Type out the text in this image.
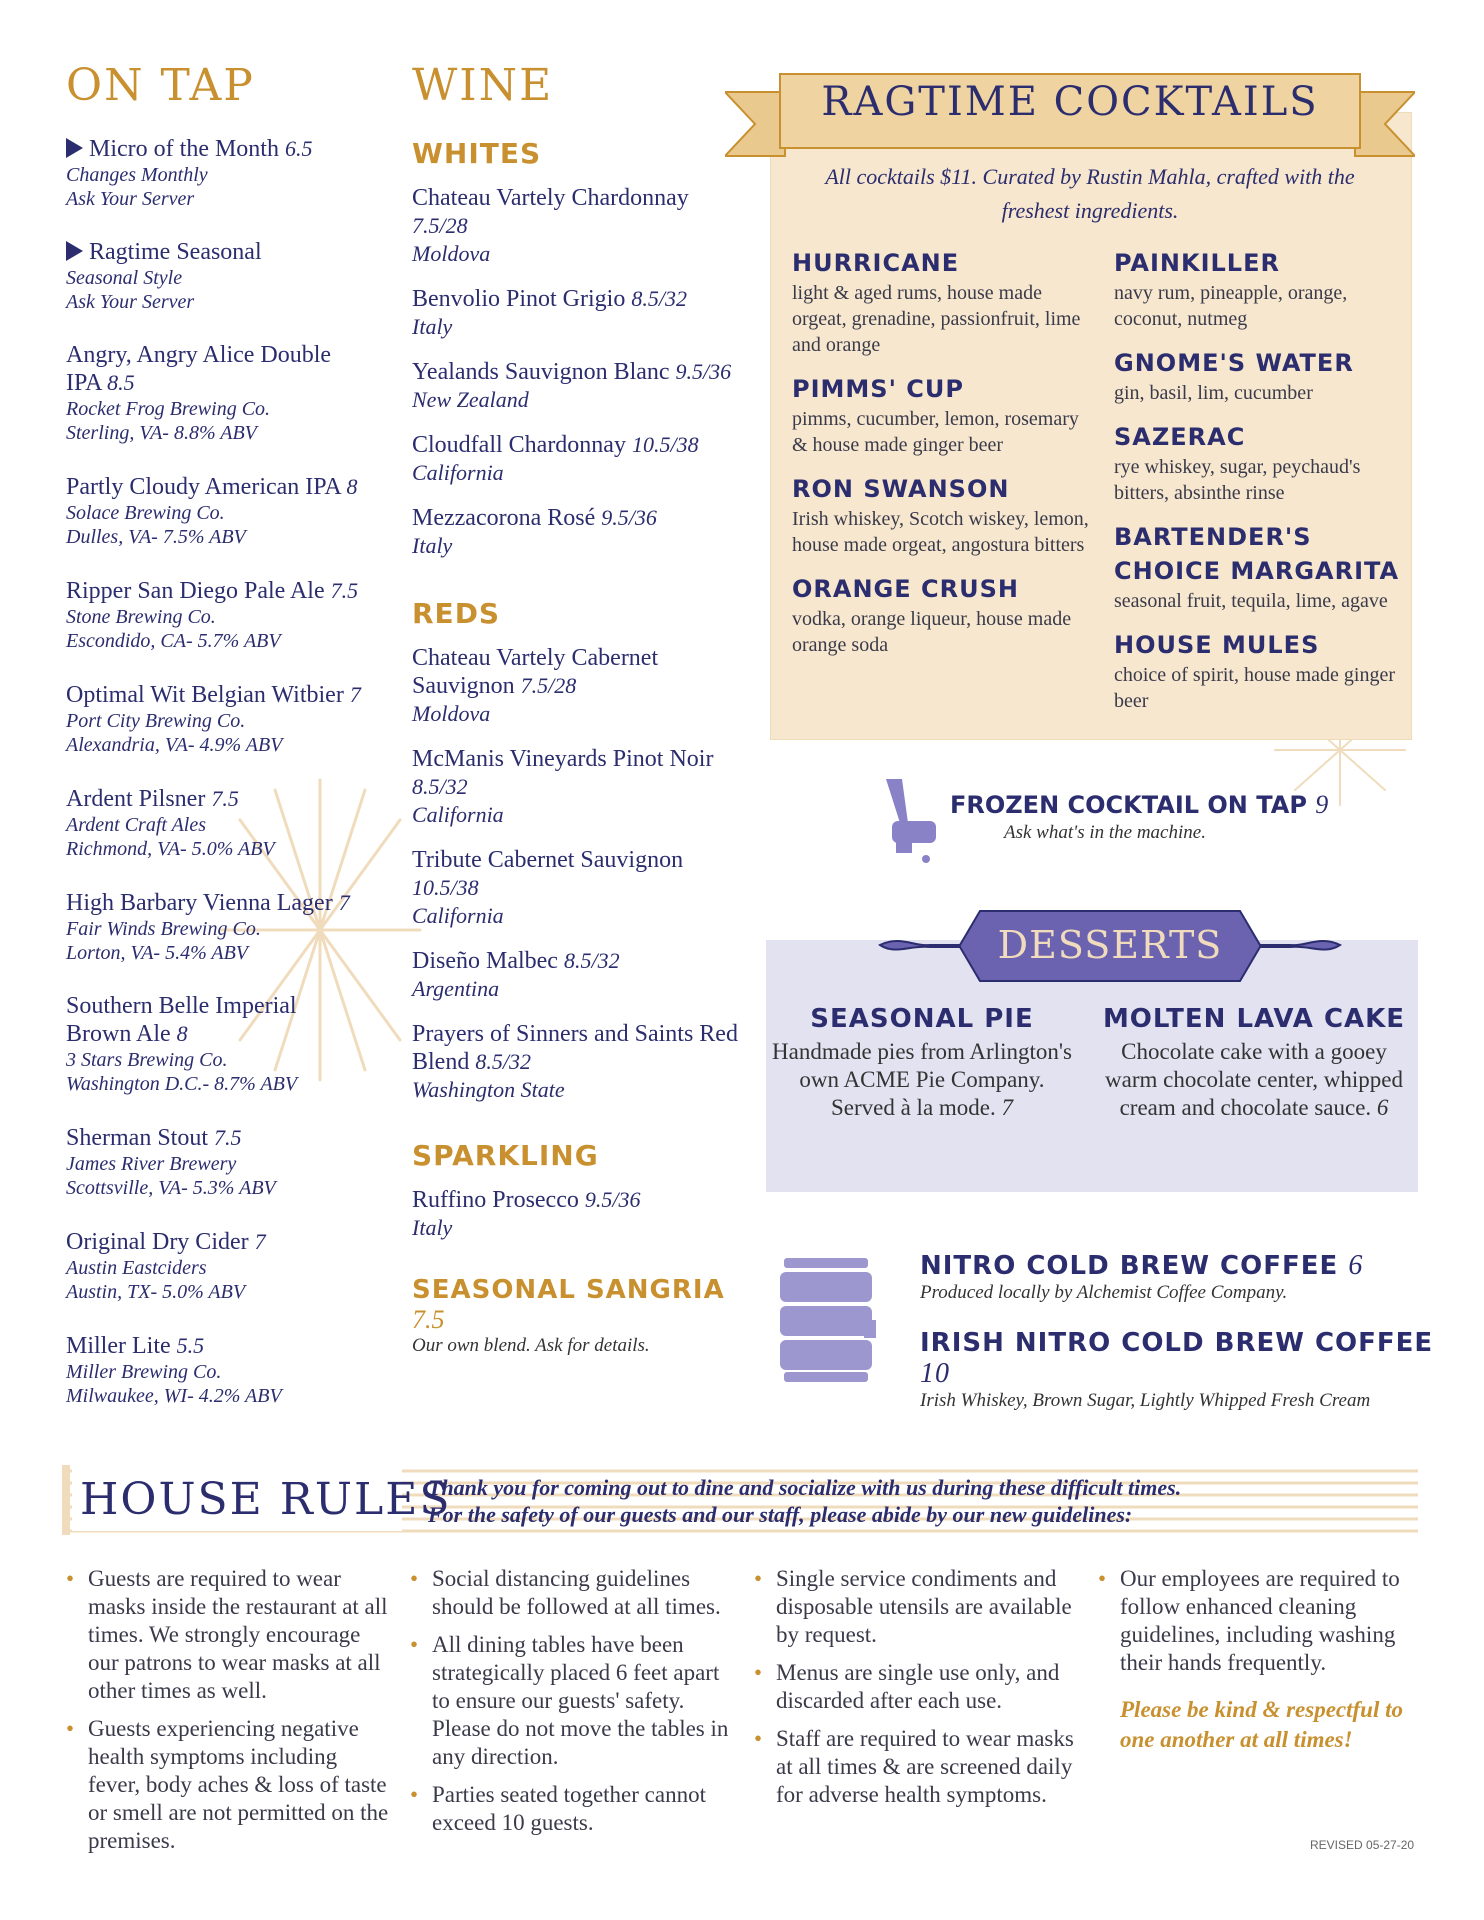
ON TAP
Micro of the Month 6.5
Changes Monthly
Ask Your Server
Ragtime Seasonal
Seasonal Style
Ask Your Server
Angry, Angry Alice Double IPA 8.5
Rocket Frog Brewing Co.
Sterling, VA- 8.8% ABV
Partly Cloudy American IPA 8
Solace Brewing Co.
Dulles, VA- 7.5% ABV
Ripper San Diego Pale Ale 7.5
Stone Brewing Co.
Escondido, CA- 5.7% ABV
Optimal Wit Belgian Witbier 7
Port City Brewing Co.
Alexandria, VA- 4.9% ABV
Ardent Pilsner 7.5
Ardent Craft Ales
Richmond, VA- 5.0% ABV
High Barbary Vienna Lager 7
Fair Winds Brewing Co.
Lorton, VA- 5.4% ABV
Southern Belle Imperial Brown Ale 8
3 Stars Brewing Co.
Washington D.C.- 8.7% ABV
Sherman Stout 7.5
James River Brewery
Scottsville, VA- 5.3% ABV
Original Dry Cider 7
Austin Eastciders
Austin, TX- 5.0% ABV
Miller Lite 5.5
Miller Brewing Co.
Milwaukee, WI- 4.2% ABV
WINE
WHITES
Chateau Vartely Chardonnay 7.5/28
Moldova
Benvolio Pinot Grigio 8.5/32
Italy
Yealands Sauvignon Blanc 9.5/36
New Zealand
Cloudfall Chardonnay 10.5/38
California
Mezzacorona Rosé 9.5/36
Italy
REDS
Chateau Vartely Cabernet Sauvignon 7.5/28
Moldova
McManis Vineyards Pinot Noir 8.5/32
California
Tribute Cabernet Sauvignon 10.5/38
California
Diseño Malbec 8.5/32
Argentina
Prayers of Sinners and Saints Red Blend 8.5/32
Washington State
SPARKLING
Ruffino Prosecco 9.5/36
Italy
SEASONAL SANGRIA 7.5
Our own blend. Ask for details.
RAGTIME COCKTAILS
All cocktails $11. Curated by Rustin Mahla, crafted with the freshest ingredients.
HURRICANE
light & aged rums, house made orgeat, grenadine, passionfruit, lime and orange
PIMMS' CUP
pimms, cucumber, lemon, rosemary & house made ginger beer
RON SWANSON
Irish whiskey, Scotch wiskey, lemon, house made orgeat, angostura bitters
ORANGE CRUSH
vodka, orange liqueur, house made orange soda
PAINKILLER
navy rum, pineapple, orange, coconut, nutmeg
GNOME'S WATER
gin, basil, lim, cucumber
SAZERAC
rye whiskey, sugar, peychaud's bitters, absinthe rinse
BARTENDER'S CHOICE MARGARITA
seasonal fruit, tequila, lime, agave
HOUSE MULES
choice of spirit, house made ginger beer
FROZEN COCKTAIL ON TAP 9
Ask what's in the machine.
DESSERTS
SEASONAL PIE
Handmade pies from Arlington's own ACME Pie Company. Served à la mode. 7
MOLTEN LAVA CAKE
Chocolate cake with a gooey warm chocolate center, whipped cream and chocolate sauce. 6
NITRO COLD BREW COFFEE 6
Produced locally by Alchemist Coffee Company.
IRISH NITRO COLD BREW COFFEE 10
Irish Whiskey, Brown Sugar, Lightly Whipped Fresh Cream
HOUSE RULES
Thank you for coming out to dine and socialize with us during these difficult times.
For the safety of our guests and our staff, please abide by our new guidelines:
• Guests are required to wear masks inside the restaurant at all times. We strongly encourage our patrons to wear masks at all other times as well.
• Guests experiencing negative health symptoms including fever, body aches & loss of taste or smell are not permitted on the premises.
• Social distancing guidelines should be followed at all times.
• All dining tables have been strategically placed 6 feet apart to ensure our guests' safety. Please do not move the tables in any direction.
• Parties seated together cannot exceed 10 guests.
• Single service condiments and disposable utensils are available by request.
• Menus are single use only, and discarded after each use.
• Staff are required to wear masks at all times & are screened daily for adverse health symptoms.
• Our employees are required to follow enhanced cleaning guidelines, including washing their hands frequently.
Please be kind & respectful to one another at all times!
REVISED 05-27-20
